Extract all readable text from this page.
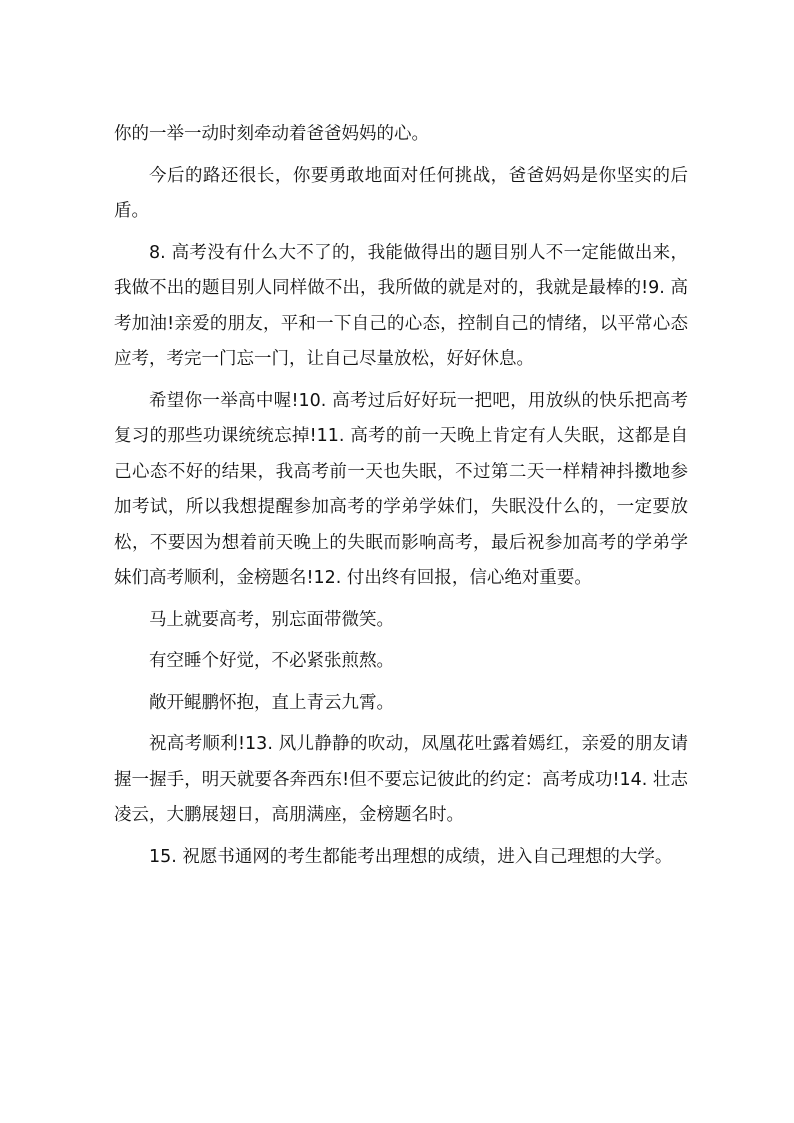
你的一举一动时刻牵动着爸爸妈妈的心。

今后的路还很长，你要勇敢地面对任何挑战，爸爸妈妈是你坚实的后盾。

8. 高考没有什么大不了的，我能做得出的题目别人不一定能做出来，我做不出的题目别人同样做不出，我所做的就是对的，我就是最棒的!9. 高考加油!亲爱的朋友，平和一下自己的心态，控制自己的情绪，以平常心态应考，考完一门忘一门，让自己尽量放松，好好休息。

希望你一举高中喔!10. 高考过后好好玩一把吧，用放纵的快乐把高考复习的那些功课统统忘掉!11. 高考的前一天晚上肯定有人失眠，这都是自己心态不好的结果，我高考前一天也失眠，不过第二天一样精神抖擞地参加考试，所以我想提醒参加高考的学弟学妹们，失眠没什么的，一定要放松，不要因为想着前天晚上的失眠而影响高考，最后祝参加高考的学弟学妹们高考顺利，金榜题名!12. 付出终有回报，信心绝对重要。

马上就要高考，别忘面带微笑。

有空睡个好觉，不必紧张煎熬。

敞开鲲鹏怀抱，直上青云九霄。

祝高考顺利!13. 风儿静静的吹动，凤凰花吐露着嫣红，亲爱的朋友请握一握手，明天就要各奔西东!但不要忘记彼此的约定：高考成功!14. 壮志凌云，大鹏展翅日，高朋满座，金榜题名时。

15. 祝愿书通网的考生都能考出理想的成绩，进入自己理想的大学。
